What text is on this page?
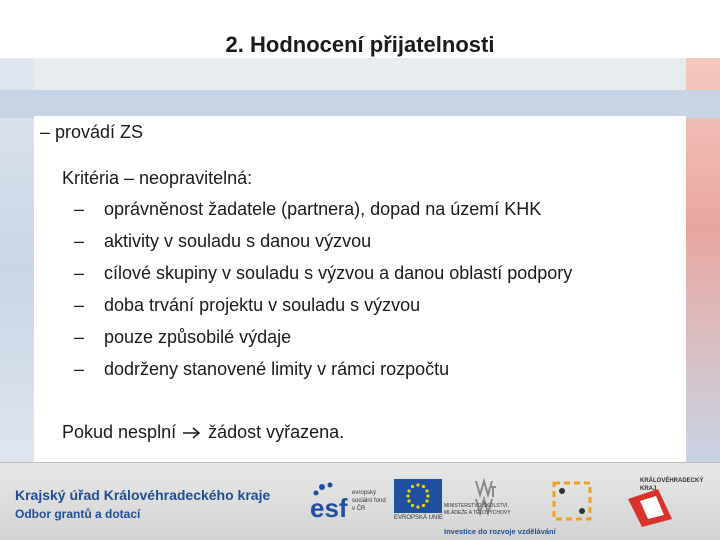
2. Hodnocení přijatelnosti
– provádí ZS
Kritéria – neopravitelná:
– oprávněnost žadatele (partnera), dopad na území KHK
– aktivity v souladu s danou výzvou
– cílové skupiny v souladu s výzvou a danou oblastí podpory
– doba trvání projektu v souladu s výzvou
– pouze způsobilé výdaje
– dodrženy stanovené limity v rámci rozpočtu
Pokud nesplní žádost vyřazena.
Krajský úřad Královéhradeckého kraje
Odbor grantů a dotací	esf evropský sociální fond v ČR
EVROPSKÁ UNIE
MINISTERSTVO ŠKOLSTVÍ, MLÁDEŽE A TĚLOVÝCHOVY
KRÁLOVÉHRADECKÝ KRAJ
Investice do rozvoje vzdělávání
